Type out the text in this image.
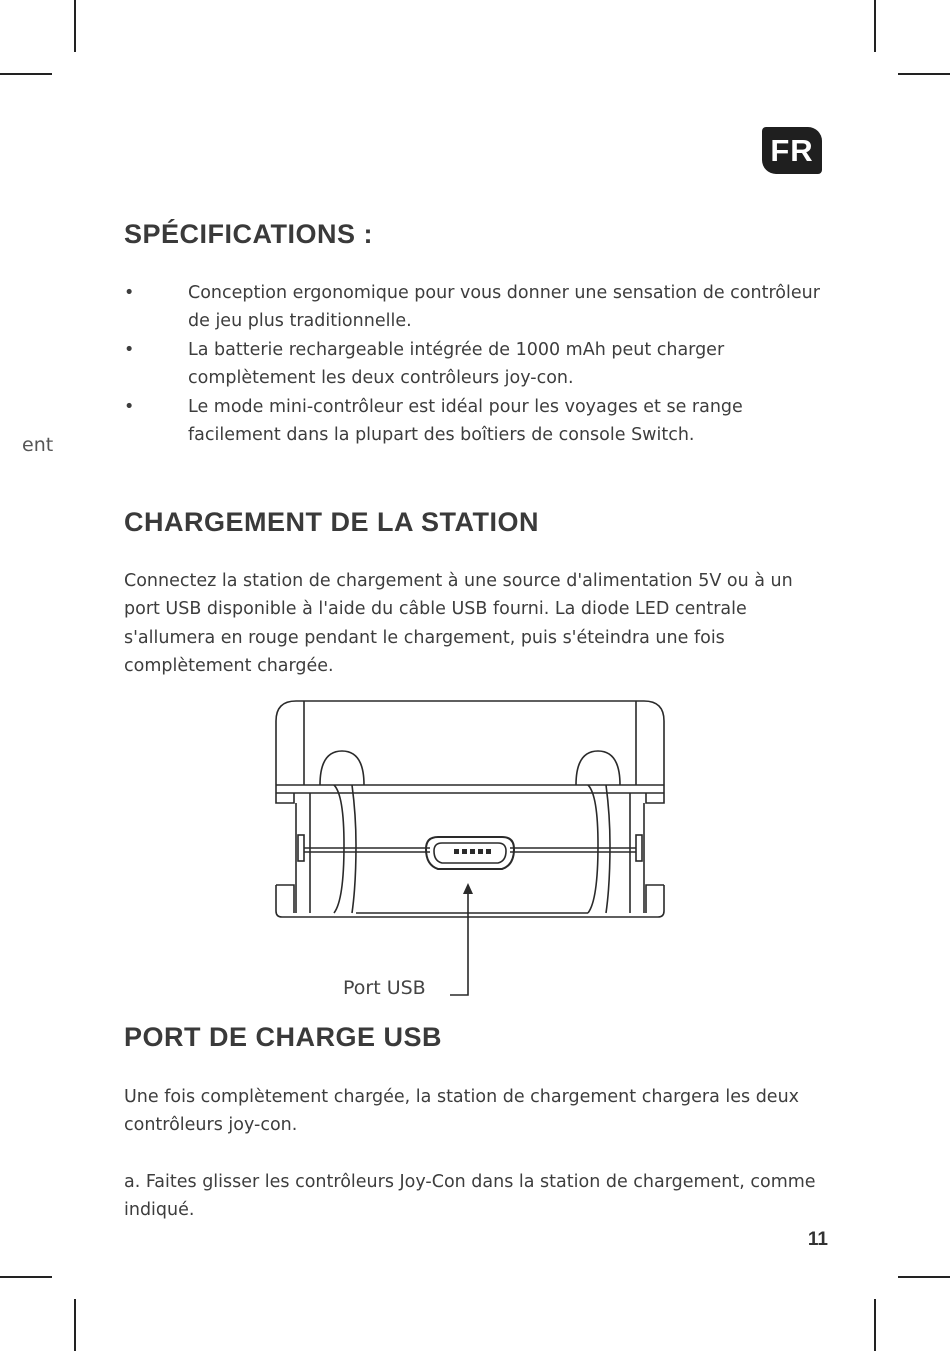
FR
ent
SPÉCIFICATIONS :
•	Conception ergonomique pour vous donner une sensation de contrôleur de jeu plus traditionnelle.
•	La batterie rechargeable intégrée de 1000 mAh peut charger complètement les deux contrôleurs joy-con.
•	Le mode mini-contrôleur est idéal pour les voyages et se range facilement dans la plupart des boîtiers de console Switch.
CHARGEMENT DE LA STATION

Connectez la station de chargement à une source d'alimentation 5V ou à un port USB disponible à l'aide du câble USB fourni. La diode LED centrale s'allumera en rouge pendant le chargement, puis s'éteindra une fois complètement chargée.

Port USB
PORT DE CHARGE USB

Une fois complètement chargée, la station de chargement chargera les deux contrôleurs joy-con.

a. Faites glisser les contrôleurs Joy-Con dans la station de chargement, comme indiqué.

11
